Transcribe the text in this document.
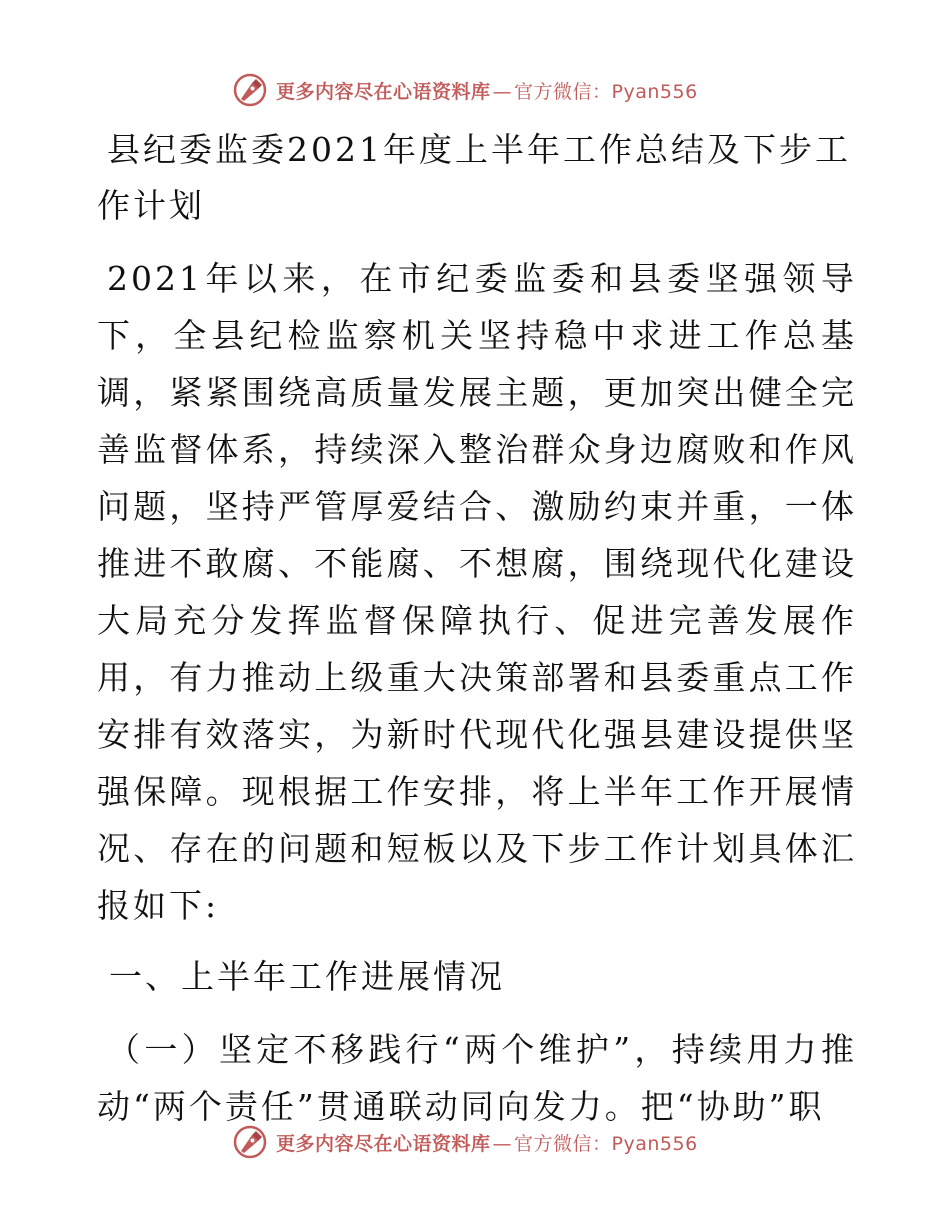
更多内容尽在心语资料库 — 官方微信：Pyan556
县纪委监委2021年度上半年工作总结及下步工作计划

2021年以来，在市纪委监委和县委坚强领导下，全县纪检监察机关坚持稳中求进工作总基调，紧紧围绕高质量发展主题，更加突出健全完善监督体系，持续深入整治群众身边腐败和作风问题，坚持严管厚爱结合、激励约束并重，一体推进不敢腐、不能腐、不想腐，围绕现代化建设大局充分发挥监督保障执行、促进完善发展作用，有力推动上级重大决策部署和县委重点工作安排有效落实，为新时代现代化强县建设提供坚强保障。现根据工作安排，将上半年工作开展情况、存在的问题和短板以及下步工作计划具体汇报如下:

一、上半年工作进展情况

（一）坚定不移践行“两个维护”，持续用力推动“两个责任”贯通联动同向发力。把“协助”职

更多内容尽在心语资料库 — 官方微信：Pyan556
